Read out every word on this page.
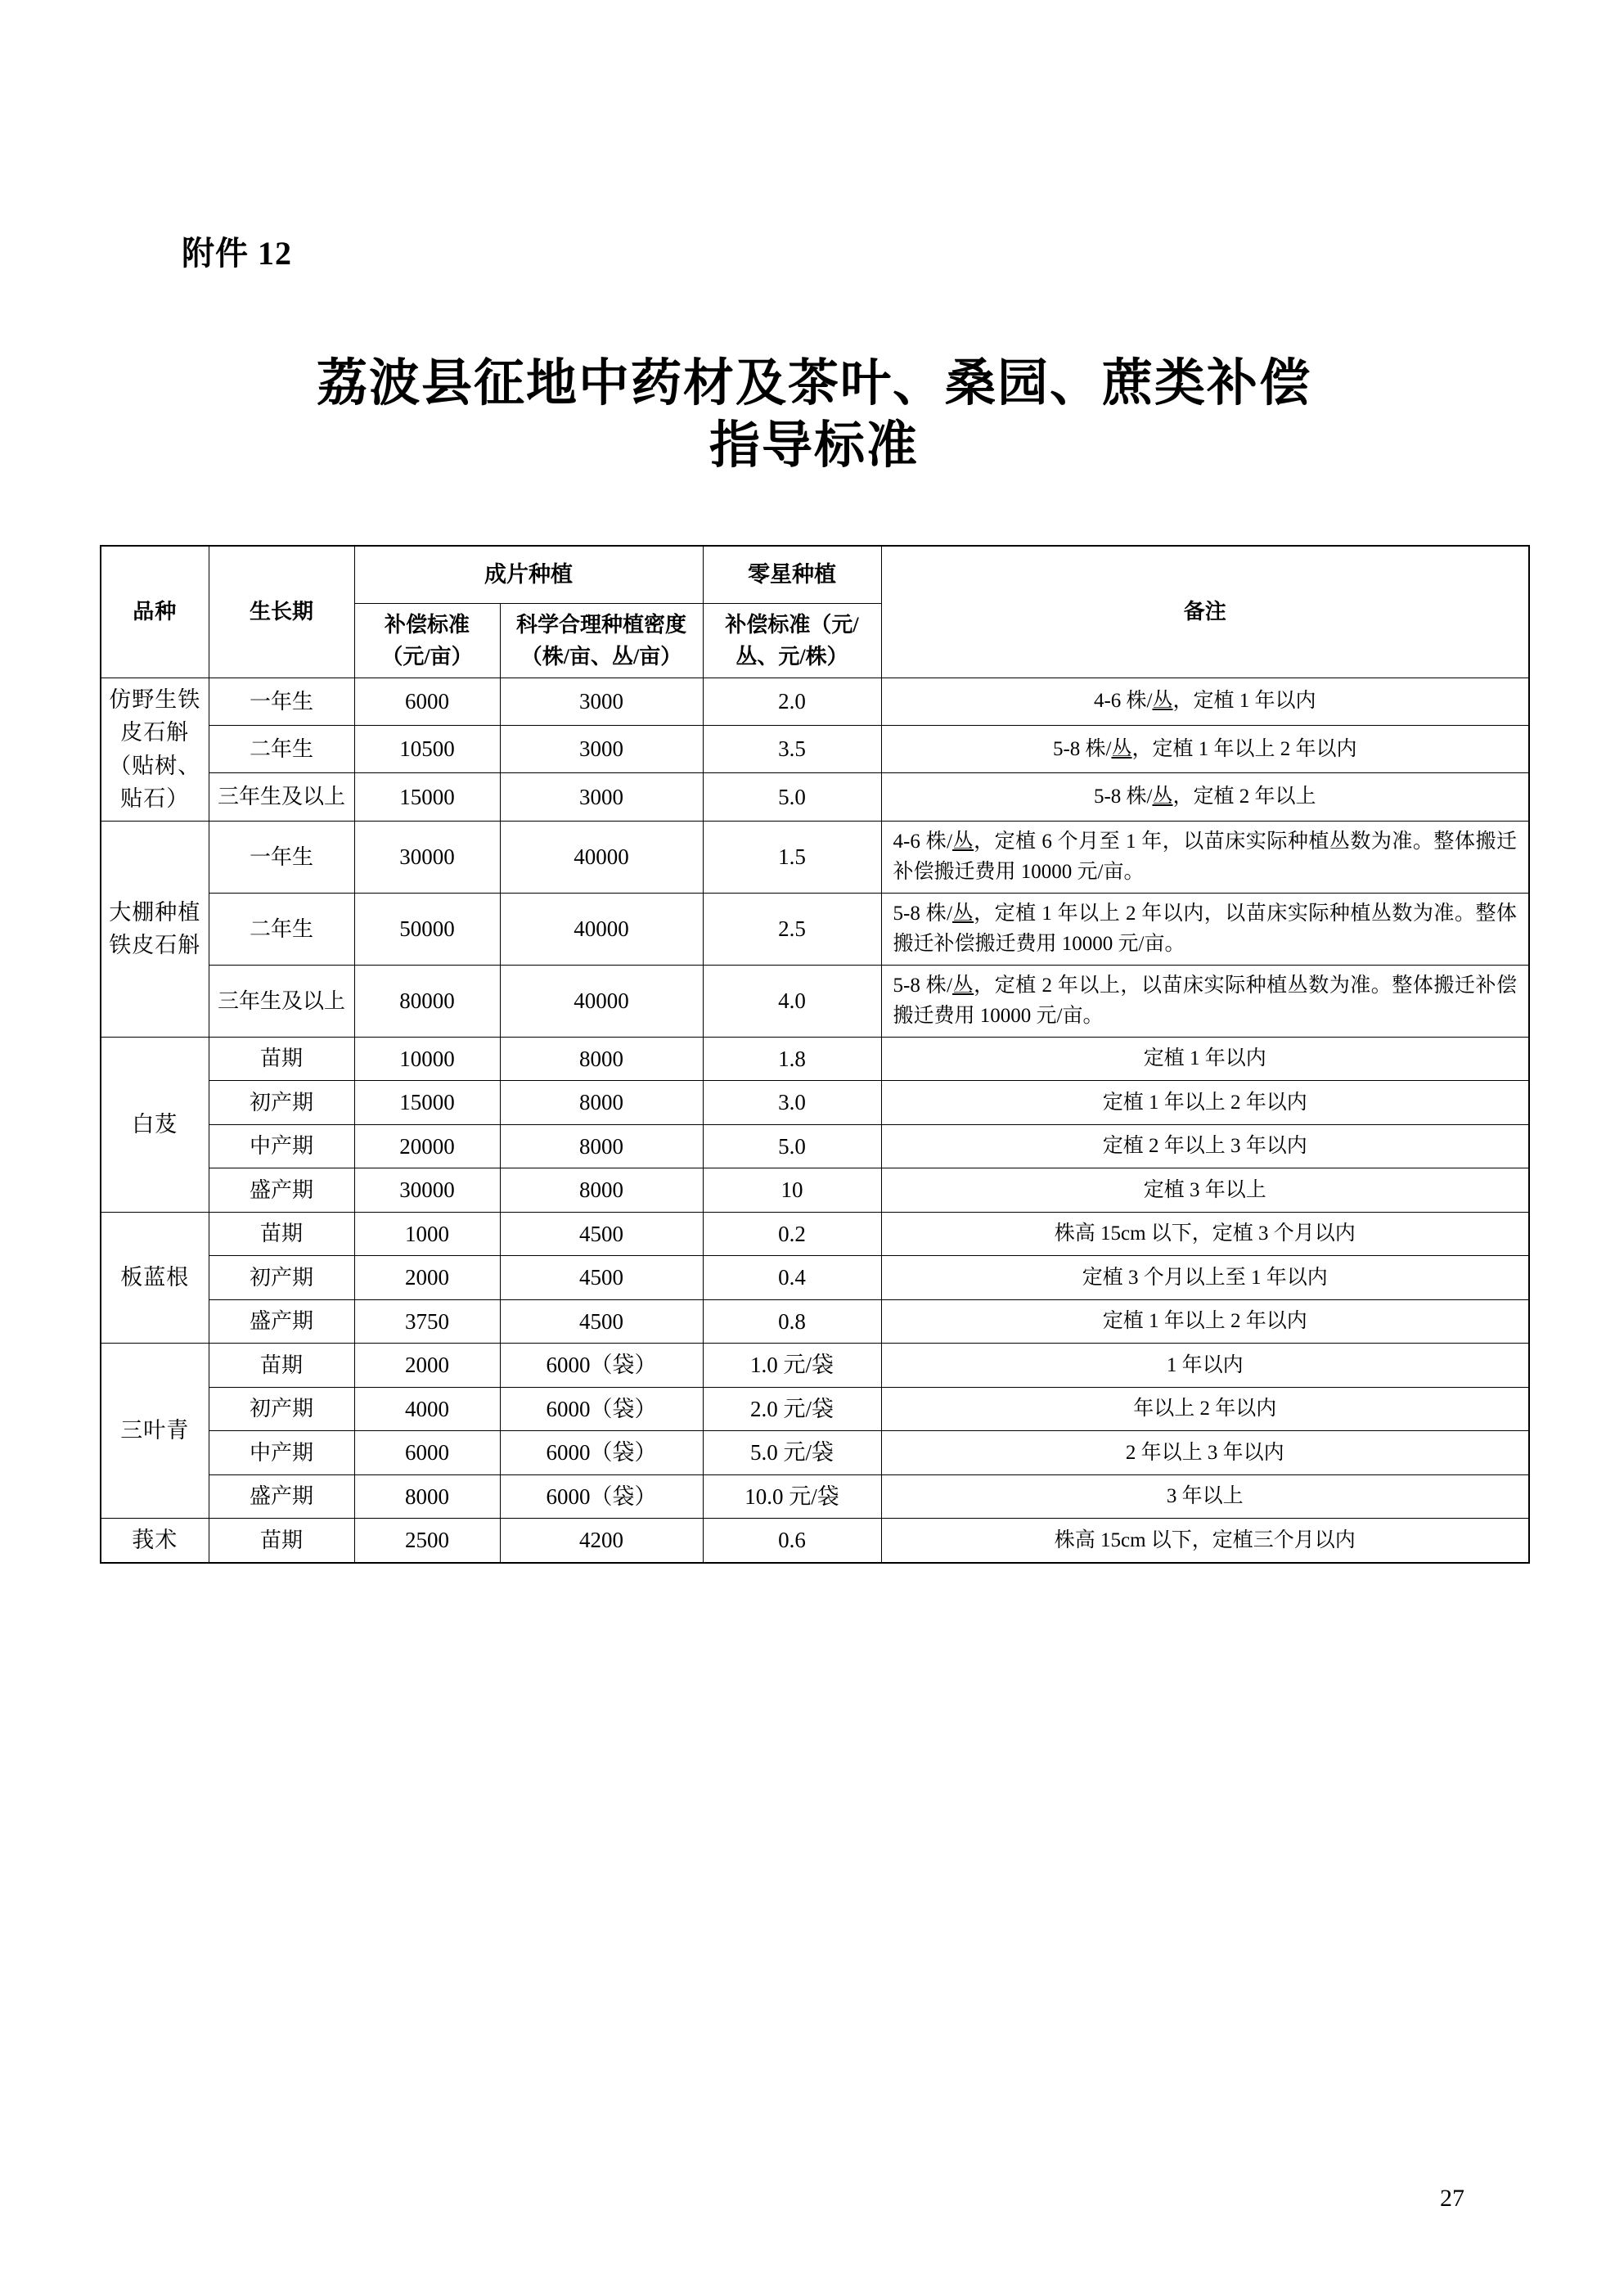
附件 12
荔波县征地中药材及茶叶、桑园、蔗类补偿
指导标准
品种	生长期	成片种植		零星种植	备注
		补偿标准（元/亩）	科学合理种植密度（株/亩、丛/亩）	补偿标准（元/丛、元/株）	
仿野生铁皮石斛（贴树、贴石）	一年生	6000	3000	2.0	4-6 株/丛，定植 1 年以内
	二年生	10500	3000	3.5	5-8 株/丛，定植 1 年以上 2 年以内
	三年生及以上	15000	3000	5.0	5-8 株/丛，定植 2 年以上
大棚种植铁皮石斛	一年生	30000	40000	1.5	4-6 株/丛，定植 6 个月至 1 年，以苗床实际种植丛数为准。整体搬迁补偿搬迁费用 10000 元/亩。
	二年生	50000	40000	2.5	5-8 株/丛，定植 1 年以上 2 年以内，以苗床实际种植丛数为准。整体搬迁补偿搬迁费用 10000 元/亩。
	三年生及以上	80000	40000	4.0	5-8 株/丛，定植 2 年以上，以苗床实际种植丛数为准。整体搬迁补偿搬迁费用 10000 元/亩。
白芨	苗期	10000	8000	1.8	定植 1 年以内
	初产期	15000	8000	3.0	定植 1 年以上 2 年以内
	中产期	20000	8000	5.0	定植 2 年以上 3 年以内
	盛产期	30000	8000	10	定植 3 年以上
板蓝根	苗期	1000	4500	0.2	株高 15cm 以下，定植 3 个月以内
	初产期	2000	4500	0.4	定植 3 个月以上至 1 年以内
	盛产期	3750	4500	0.8	定植 1 年以上 2 年以内
三叶青	苗期	2000	6000（袋）	1.0 元/袋	1 年以内
	初产期	4000	6000（袋）	2.0 元/袋	年以上 2 年以内
	中产期	6000	6000（袋）	5.0 元/袋	2 年以上 3 年以内
	盛产期	8000	6000（袋）	10.0 元/袋	3 年以上
莪术	苗期	2500	4200	0.6	株高 15cm 以下，定植三个月以内
27
